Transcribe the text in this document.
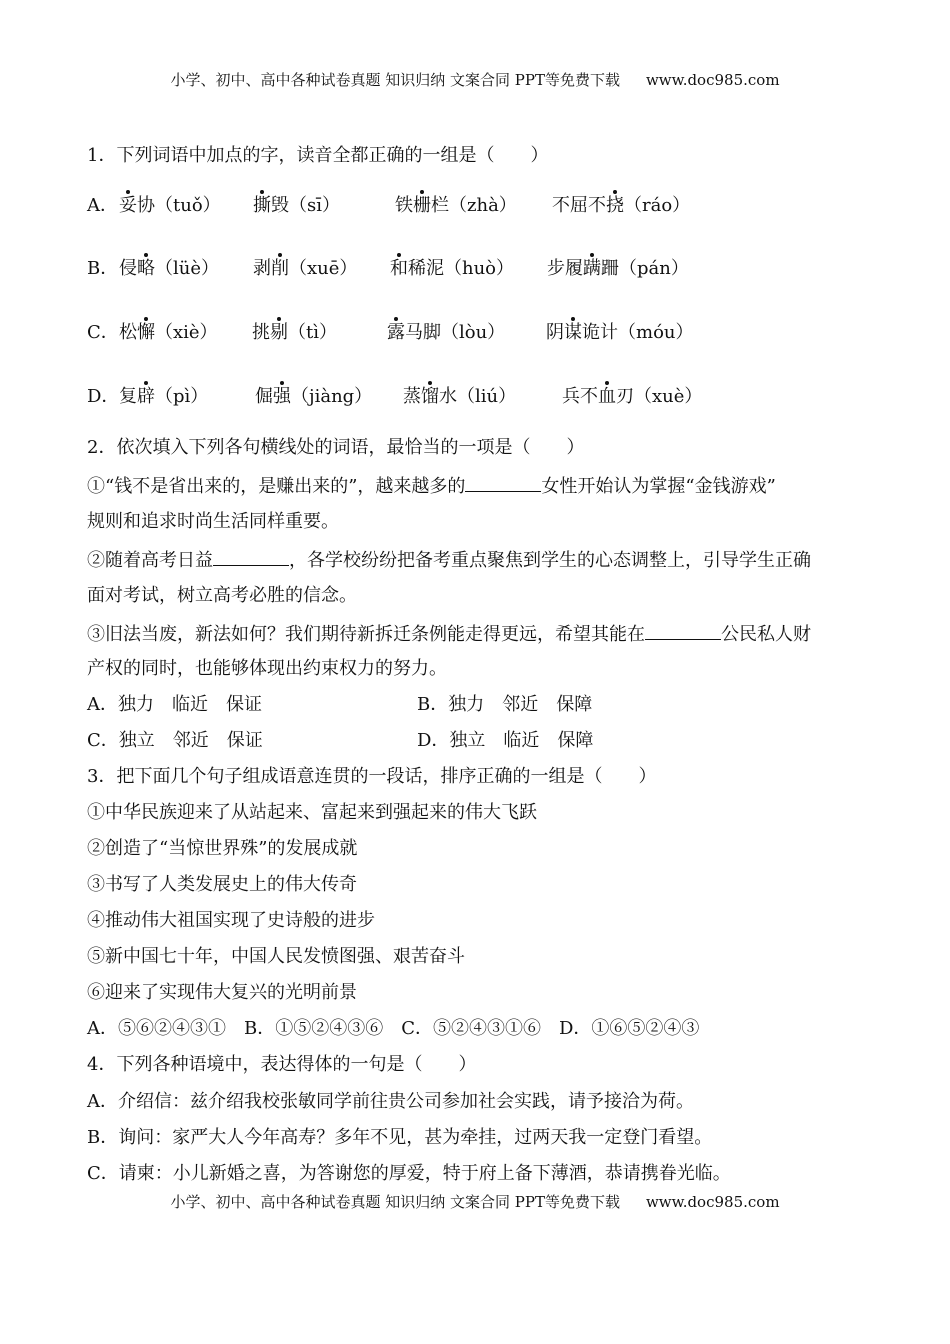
小学、初中、高中各种试卷真题 知识归纳 文案合同 PPT等免费下载 www.doc985.com
1．下列词语中加点的字，读音全都正确的一组是（　　）
A． 妥协（tuǒ） 撕毁（sī）	铁栅栏（zhà） 不屈不挠（ráo）
B． 侵略（lüè） 剥削（xuē） 和稀泥（huò） 步履蹒跚（pán）
C． 松懈（xiè） 挑剔（tì）	露马脚（lòu） 阴谋诡计（móu）
D． 复辟（pì）	倔强（jiàng） 蒸馏水（liú）	兵不血刃（xuè）
2．依次填入下列各句横线处的词语，最恰当的一项是（　　）
①“钱不是省出来的，是赚出来的”，越来越多的	女性开始认为掌握“金钱游戏”
规则和追求时尚生活同样重要。
②随着高考日益	，各学校纷纷把备考重点聚焦到学生的心态调整上，引导学生正确
面对考试，树立高考必胜的信念。
③旧法当废，新法如何？我们期待新拆迁条例能走得更远，希望其能在	公民私人财
产权的同时，也能够体现出约束权力的努力。
A．独力　临近　保证	B．独力　邻近　保障
C．独立　邻近　保证	D．独立　临近　保障
3．把下面几个句子组成语意连贯的一段话，排序正确的一组是（　　）
①中华民族迎来了从站起来、富起来到强起来的伟大飞跃
②创造了“当惊世界殊”的发展成就
③书写了人类发展史上的伟大传奇
④推动伟大祖国实现了史诗般的进步
⑤新中国七十年，中国人民发愤图强、艰苦奋斗
⑥迎来了实现伟大复兴的光明前景
A．⑤⑥②④③①　B．①⑤②④③⑥　C．⑤②④③①⑥　D．①⑥⑤②④③
4．下列各种语境中，表达得体的一句是（　　）
A．介绍信：兹介绍我校张敏同学前往贵公司参加社会实践，请予接洽为荷。
B．询问：家严大人今年高寿？多年不见，甚为牵挂，过两天我一定登门看望。
C．请柬：小儿新婚之喜，为答谢您的厚爱，特于府上备下薄酒，恭请携眷光临。
小学、初中、高中各种试卷真题 知识归纳 文案合同 PPT等免费下载 www.doc985.com
